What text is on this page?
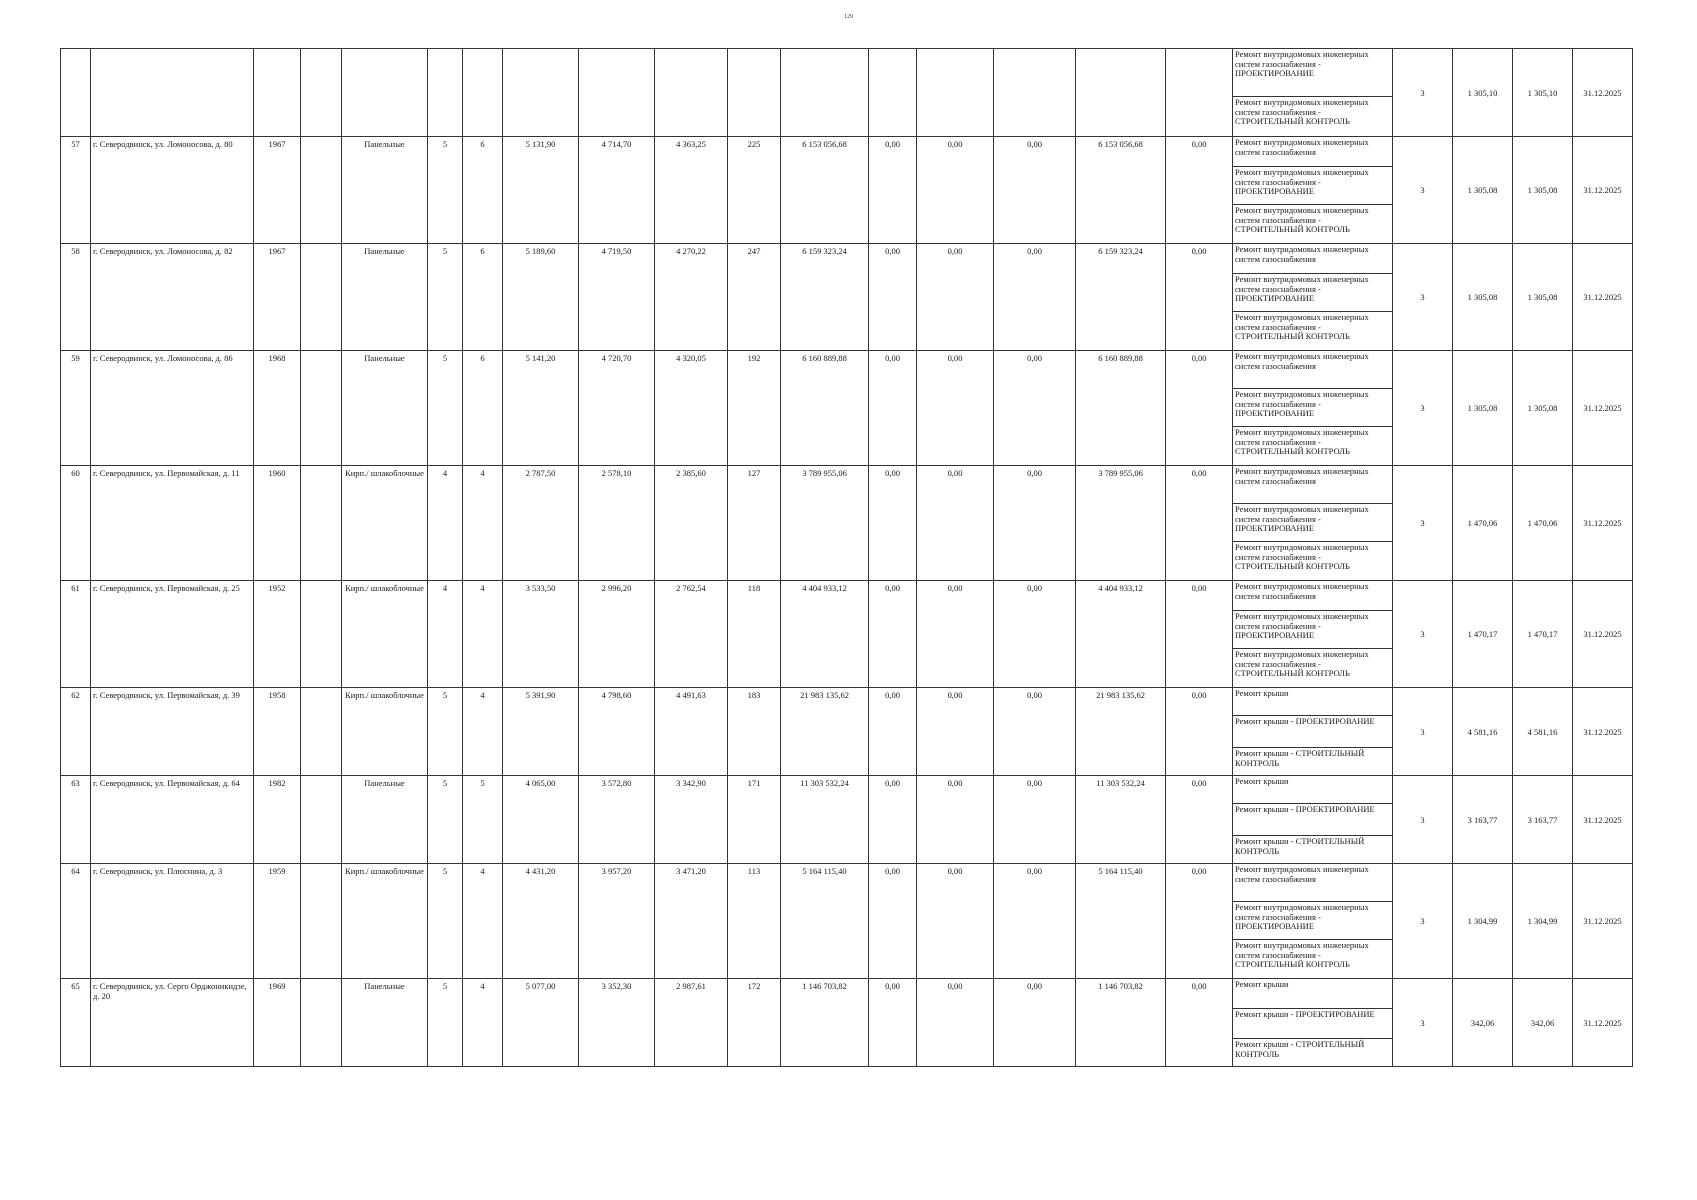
129
																	Ремонт внутридомовых инженерных систем газоснабжения - ПРОЕКТИРОВАНИЕ	3	1 305,10	1 305,10	31.12.2025
																	Ремонт внутридомовых инженерных систем газоснабжения - СТРОИТЕЛЬНЫЙ КОНТРОЛЬ				
57	г. Северодвинск, ул. Ломоносова, д. 80	1967		Панельные	5	6	5 131,90	4 714,70	4 363,25	225	6 153 056,68	0,00	0,00	0,00	6 153 056,68	0,00	Ремонт внутридомовых инженерных систем газоснабжения	3	1 305,08	1 305,08	31.12.2025
																	Ремонт внутридомовых инженерных систем газоснабжения - ПРОЕКТИРОВАНИЕ				
																	Ремонт внутридомовых инженерных систем газоснабжения - СТРОИТЕЛЬНЫЙ КОНТРОЛЬ				
58	г. Северодвинск, ул. Ломоносова, д. 82	1967		Панельные	5	6	5 189,60	4 719,50	4 270,22	247	6 159 323,24	0,00	0,00	0,00	6 159 323,24	0,00	Ремонт внутридомовых инженерных систем газоснабжения	3	1 305,08	1 305,08	31.12.2025
																	Ремонт внутридомовых инженерных систем газоснабжения - ПРОЕКТИРОВАНИЕ				
																	Ремонт внутридомовых инженерных систем газоснабжения - СТРОИТЕЛЬНЫЙ КОНТРОЛЬ				
59	г. Северодвинск, ул. Ломоносова, д. 86	1968		Панельные	5	6	5 141,20	4 720,70	4 320,05	192	6 160 889,88	0,00	0,00	0,00	6 160 889,88	0,00	Ремонт внутридомовых инженерных систем газоснабжения	3	1 305,08	1 305,08	31.12.2025
																	Ремонт внутридомовых инженерных систем газоснабжения - ПРОЕКТИРОВАНИЕ				
																	Ремонт внутридомовых инженерных систем газоснабжения - СТРОИТЕЛЬНЫЙ КОНТРОЛЬ				
60	г. Северодвинск, ул. Первомайская, д. 11	1960		Кирп./ шлакоблочные	4	4	2 787,50	2 578,10	2 385,60	127	3 789 955,06	0,00	0,00	0,00	3 789 955,06	0,00	Ремонт внутридомовых инженерных систем газоснабжения	3	1 470,06	1 470,06	31.12.2025
																	Ремонт внутридомовых инженерных систем газоснабжения - ПРОЕКТИРОВАНИЕ				
																	Ремонт внутридомовых инженерных систем газоснабжения - СТРОИТЕЛЬНЫЙ КОНТРОЛЬ				
61	г. Северодвинск, ул. Первомайская, д. 25	1952		Кирп./ шлакоблочные	4	4	3 533,50	2 996,20	2 762,54	118	4 404 933,12	0,00	0,00	0,00	4 404 933,12	0,00	Ремонт внутридомовых инженерных систем газоснабжения	3	1 470,17	1 470,17	31.12.2025
																	Ремонт внутридомовых инженерных систем газоснабжения - ПРОЕКТИРОВАНИЕ				
																	Ремонт внутридомовых инженерных систем газоснабжения - СТРОИТЕЛЬНЫЙ КОНТРОЛЬ				
62	г. Северодвинск, ул. Первомайская, д. 39	1958		Кирп./ шлакоблочные	5	4	5 391,90	4 798,60	4 491,63	183	21 983 135,62	0,00	0,00	0,00	21 983 135,62	0,00	Ремонт крыши	3	4 581,16	4 581,16	31.12.2025
																	Ремонт крыши - ПРОЕКТИРОВАНИЕ				
																	Ремонт крыши - СТРОИТЕЛЬНЫЙ КОНТРОЛЬ				
63	г. Северодвинск, ул. Первомайская, д. 64	1982		Панельные	5	5	4 065,00	3 572,80	3 342,90	171	11 303 532,24	0,00	0,00	0,00	11 303 532,24	0,00	Ремонт крыши	3	3 163,77	3 163,77	31.12.2025
																	Ремонт крыши - ПРОЕКТИРОВАНИЕ				
																	Ремонт крыши - СТРОИТЕЛЬНЫЙ КОНТРОЛЬ				
64	г. Северодвинск, ул. Плюснина, д. 3	1959		Кирп./ шлакоблочные	5	4	4 431,20	3 957,20	3 471,20	113	5 164 115,40	0,00	0,00	0,00	5 164 115,40	0,00	Ремонт внутридомовых инженерных систем газоснабжения	3	1 304,99	1 304,99	31.12.2025
																	Ремонт внутридомовых инженерных систем газоснабжения - ПРОЕКТИРОВАНИЕ				
																	Ремонт внутридомовых инженерных систем газоснабжения - СТРОИТЕЛЬНЫЙ КОНТРОЛЬ				
65	г. Северодвинск, ул. Серго Орджоникидзе, д. 20	1969		Панельные	5	4	5 077,00	3 352,30	2 987,61	172	1 146 703,82	0,00	0,00	0,00	1 146 703,82	0,00	Ремонт крыши	3	342,06	342,06	31.12.2025
																	Ремонт крыши - ПРОЕКТИРОВАНИЕ				
																	Ремонт крыши - СТРОИТЕЛЬНЫЙ КОНТРОЛЬ				
